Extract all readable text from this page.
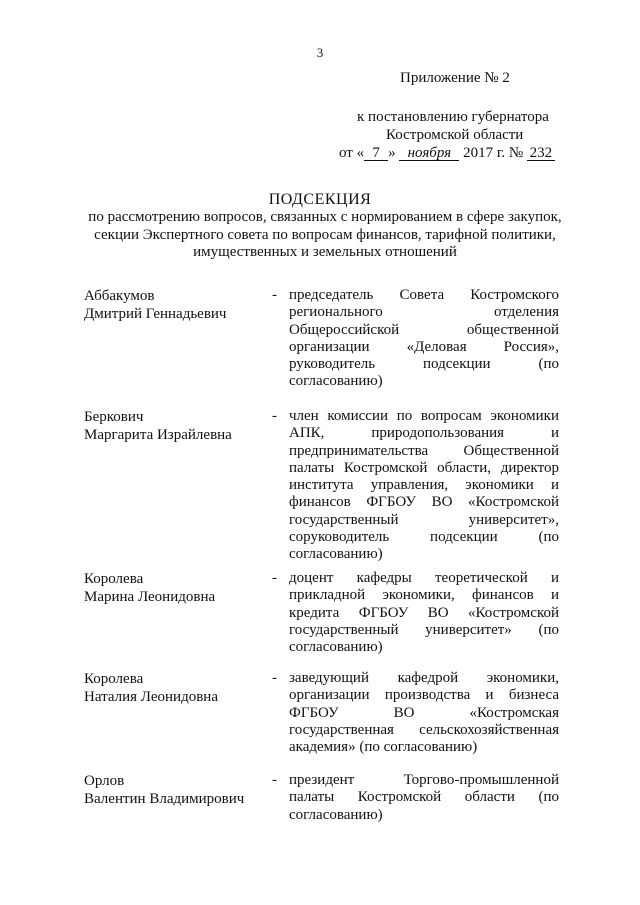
3
Приложение № 2
к постановлению губернатора
Костромской области
от « 7 » ноября 2017 г. № 232
ПОДСЕКЦИЯ
по рассмотрению вопросов, связанных с нормированием в сфере закупок, секции Экспертного совета по вопросам финансов, тарифной политики, имущественных и земельных отношений
Аббакумов
Дмитрий Геннадьевич
- председатель Совета Костромского регионального отделения Общероссийской общественной организации «Деловая Россия», руководитель подсекции (по согласованию)
Беркович
Маргарита Израйлевна
- член комиссии по вопросам экономики АПК, природопользования и предпринимательства Общественной палаты Костромской области, директор института управления, экономики и финансов ФГБОУ ВО «Костромской государственный университет», соруководитель подсекции (по согласованию)
Королева
Марина Леонидовна
- доцент кафедры теоретической и прикладной экономики, финансов и кредита ФГБОУ ВО «Костромской государственный университет» (по согласованию)
Королева
Наталия Леонидовна
- заведующий кафедрой экономики, организации производства и бизнеса ФГБОУ ВО «Костромская государственная сельскохозяйственная академия» (по согласованию)
Орлов
Валентин Владимирович
- президент Торгово-промышленной палаты Костромской области (по согласованию)
